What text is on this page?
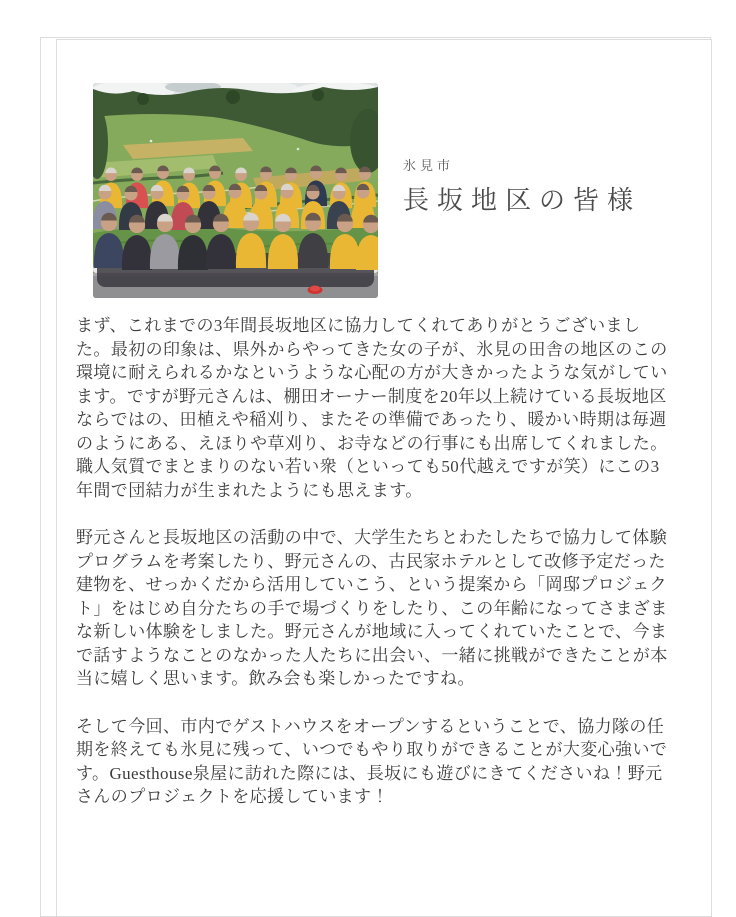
氷見市
長坂地区の皆様

まず、これまでの3年間長坂地区に協力してくれてありがとうございました。最初の印象は、県外からやってきた女の子が、氷見の田舎の地区のこの環境に耐えられるかなというような心配の方が大きかったような気がしています。ですが野元さんは、棚田オーナー制度を20年以上続けている長坂地区ならではの、田植えや稲刈り、またその準備であったり、暖かい時期は毎週のようにある、えほりや草刈り、お寺などの行事にも出席してくれました。職人気質でまとまりのない若い衆（といっても50代越えですが笑）にこの3年間で団結力が生まれたようにも思えます。

野元さんと長坂地区の活動の中で、大学生たちとわたしたちで協力して体験プログラムを考案したり、野元さんの、古民家ホテルとして改修予定だった建物を、せっかくだから活用していこう、という提案から「岡邸プロジェクト」をはじめ自分たちの手で場づくりをしたり、この年齢になってさまざまな新しい体験をしました。野元さんが地域に入ってくれていたことで、今まで話すようなことのなかった人たちに出会い、一緒に挑戦ができたことが本当に嬉しく思います。飲み会も楽しかったですね。

そして今回、市内でゲストハウスをオープンするということで、協力隊の任期を終えても氷見に残って、いつでもやり取りができることが大変心強いです。Guesthouse泉屋に訪れた際には、長坂にも遊びにきてくださいね！野元さんのプロジェクトを応援しています！
